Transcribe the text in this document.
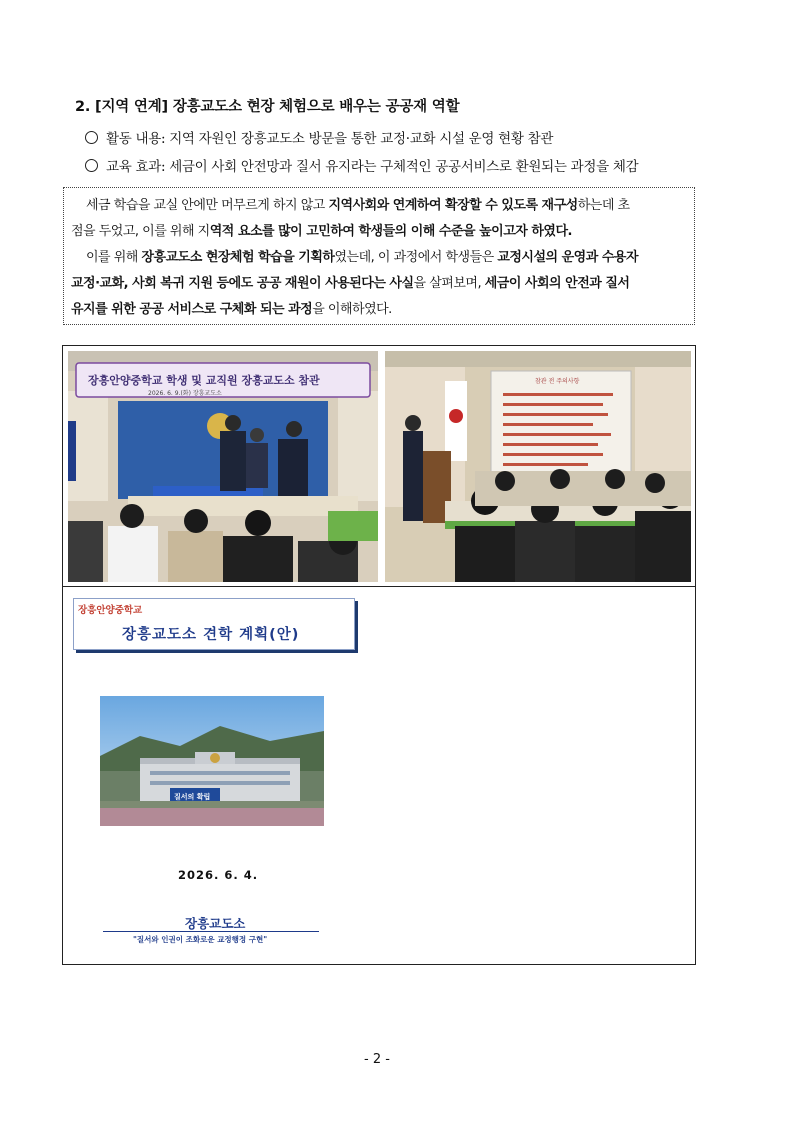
2. [지역 연계] 장흥교도소 현장 체험으로 배우는 공공재 역할
활동 내용: 지역 자원인 장흥교도소 방문을 통한 교정·교화 시설 운영 현황 참관
교육 효과: 세금이 사회 안전망과 질서 유지라는 구체적인 공공서비스로 환원되는 과정을 체감

세금 학습을 교실 안에만 머무르게 하지 않고 지역사회와 연계하여 확장할 수 있도록 재구성하는데 초

점을 두었고, 이를 위해 지역적 요소를 많이 고민하여 학생들의 이해 수준을 높이고자 하였다.

이를 위해 장흥교도소 현장체험 학습을 기획하였는데, 이 과정에서 학생들은 교정시설의 운영과 수용자

교정·교화, 사회 복귀 지원 등에도 공공 재원이 사용된다는 사실을 살펴보며, 세금이 사회의 안전과 질서

유지를 위한 공공 서비스로 구체화 되는 과정을 이해하였다.

장흥안양중학교 학생 및 교직원 장흥교도소 참관
2026. 6. 9.(화) 장흥교도소
참관 전 주의사항
장흥안양중학교
장흥교도소 견학 계획(안)
질서의 확립
2026. 6. 4.
장흥교도소
"질서와 인권이 조화로운 교정행정 구현"
- 2 -
